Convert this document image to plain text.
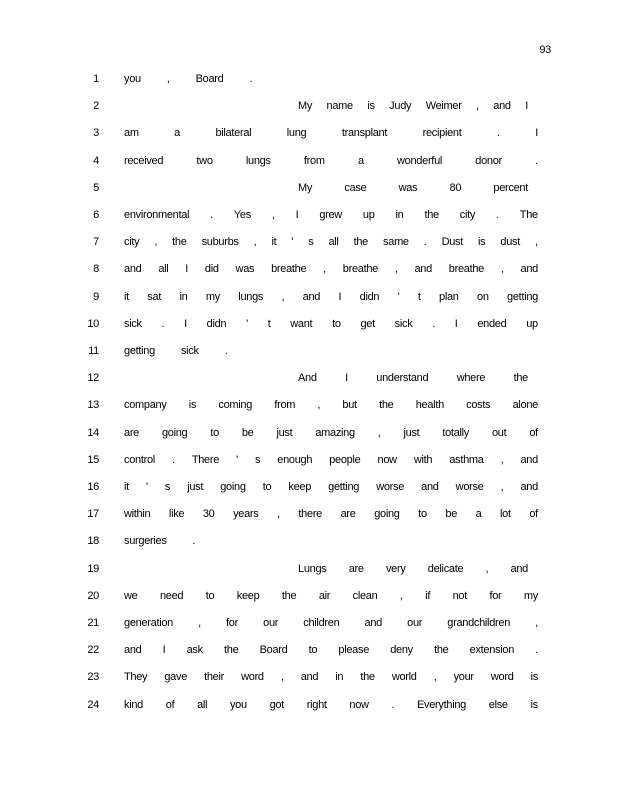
93
1 you , Board .
2	My name is Judy Weimer , and I
3 am	a	bilateral	lung	transplant	recipient	.	I
4 received	two	lungs	from	a	wonderful	donor	.
5	My	case	was	80	percent
6 environmental . Yes , I grew up in the city . The
7 city , the suburbs , it ' s all the same . Dust is dust ,
8 and all I did was breathe , breathe , and breathe , and
9 it sat in my lungs , and I didn ' t plan on getting
10 sick . I didn ' t want to get sick . I ended up
11 getting sick .
12	And	I	understand	where	the
13 company is coming from , but the health costs alone
14 are going to be just amazing , just totally out of
15 control . There ' s enough people now with asthma , and
16 it ' s just going to keep getting worse and worse , and
17 within like 30 years , there are going to be a lot of
18 surgeries .
19	Lungs are very delicate , and
20 we need to keep the air clean , if not for my
21 generation , for our children and our grandchildren ,
22 and I ask the Board to please deny the extension .
23 They gave their word , and in the world , your word is
24 kind of all you got right now . Everything else is
